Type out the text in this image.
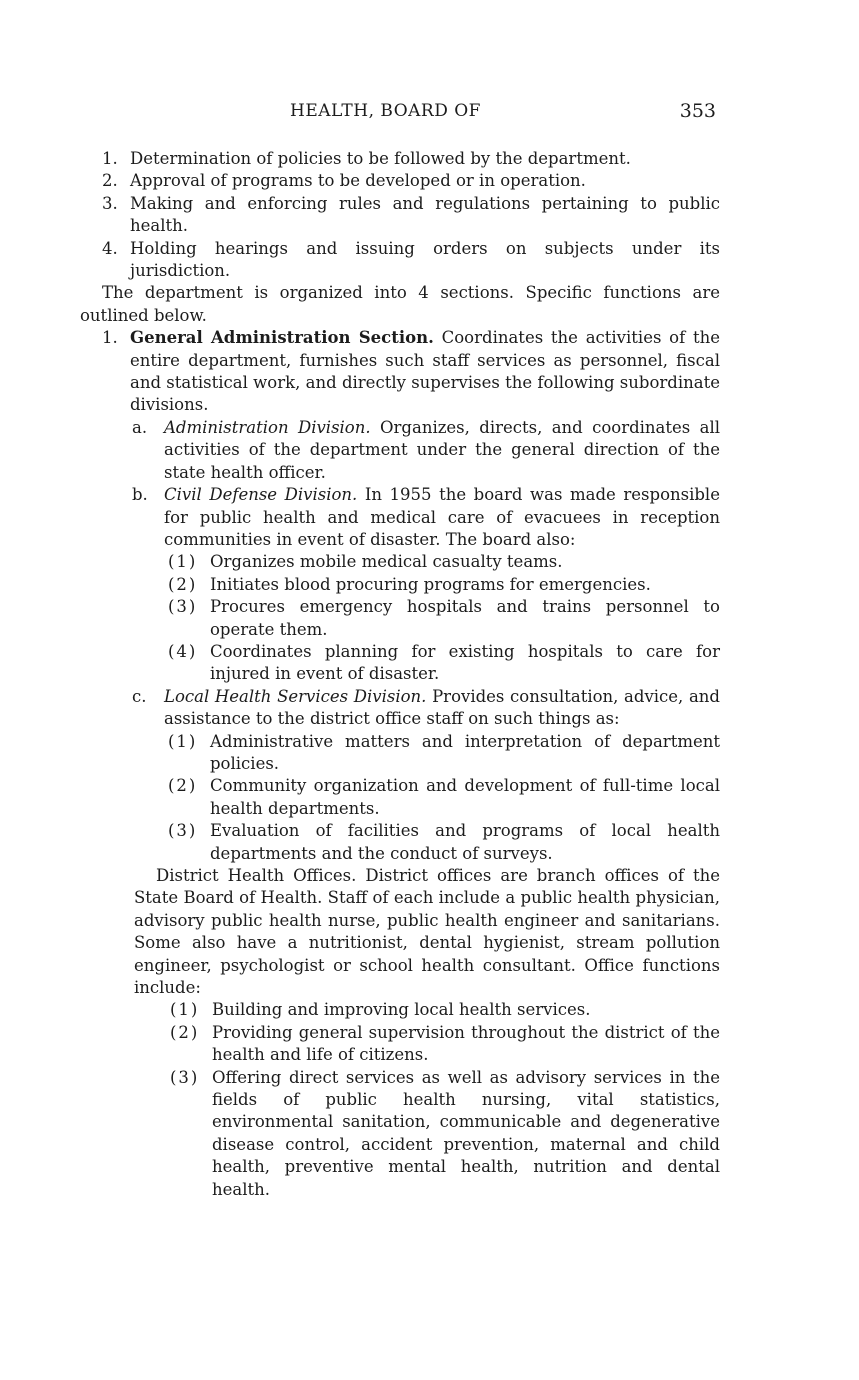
HEALTH, BOARD OF	353
1. Determination of policies to be followed by the department.
2. Approval of programs to be developed or in operation.
3. Making and enforcing rules and regulations pertaining to public health.
4. Holding hearings and issuing orders on subjects under its jurisdiction.
The department is organized into 4 sections. Specific functions are outlined below.
1. General Administration Section. Coordinates the activities of the entire department, furnishes such staff services as personnel, fiscal and statistical work, and directly supervises the following subordinate divisions.
a.	Administration Division. Organizes, directs, and coordinates all activities of the department under the general direction of the state health officer.
b. Civil Defense Division. In 1955 the board was made responsible for public health and medical care of evacuees in reception communities in event of disaster. The board also:
(1) Organizes mobile medical casualty teams.
(2) Initiates blood procuring programs for emergencies.
(3) Procures emergency hospitals and trains personnel to operate them.
(4) Coordinates planning for existing hospitals to care for injured in event of disaster.
c.	Local Health Services Division. Provides consultation, advice, and assistance to the district office staff on such things as:
(1) Administrative matters and interpretation of department policies.
(2) Community organization and development of full-time local health departments.
(3) Evaluation of facilities and programs of local health departments and the conduct of surveys.
District Health Offices. District offices are branch offices of the State Board of Health. Staff of each include a public health physician, advisory public health nurse, public health engineer and sanitarians. Some also have a nutritionist, dental hygienist, stream pollution engineer, psychologist or school health consultant. Office functions include:
(1) Building and improving local health services.
(2) Providing general supervision throughout the district of the health and life of citizens.
(3) Offering direct services as well as advisory services in the fields of public health nursing, vital statistics, environmental sanitation, communicable and degenerative disease control, accident prevention, maternal and child health, preventive mental health, nutrition and dental health.
